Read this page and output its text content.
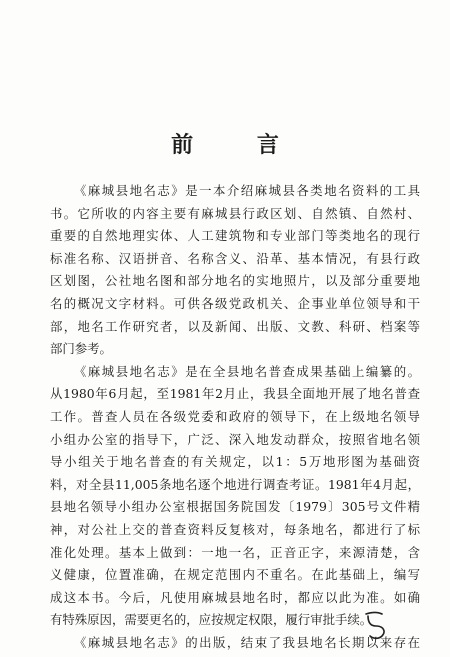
前 言
《麻城县地名志》是一本介绍麻城县各类地名资料的工具
书。它所收的内容主要有麻城县行政区划、自然镇、自然村、
重要的自然地理实体、人工建筑物和专业部门等类地名的现行
标准名称、汉语拼音、名称含义、沿革、基本情况，有县行政
区划图，公社地名图和部分地名的实地照片，以及部分重要地
名的概况文字材料。可供各级党政机关、企事业单位领导和干
部，地名工作研究者，以及新闻、出版、文教、科研、档案等
部门参考。
《麻城县地名志》是在全县地名普查成果基础上编纂的。
从1980年6月起，至1981年2月止，我县全面地开展了地名普查
工作。普查人员在各级党委和政府的领导下，在上级地名领导
小组办公室的指导下，广泛、深入地发动群众，按照省地名领
导小组关于地名普查的有关规定，以1：5万地形图为基础资
料，对全县11,005条地名逐个地进行调查考证。1981年4月起，
县地名领导小组办公室根据国务院国发〔1979〕305号文件精
神，对公社上交的普查资料反复核对，每条地名，都进行了标
准化处理。基本上做到：一地一名，正音正字，来源清楚，含
义健康，位置准确，在规定范围内不重名。在此基础上，编写
成这本书。今后，凡使用麻城县地名时，都应以此为准。如确
有特殊原因，需要更名的，应按规定权限，履行审批手续。
《麻城县地名志》的出版，结束了我县地名长期以来存在
